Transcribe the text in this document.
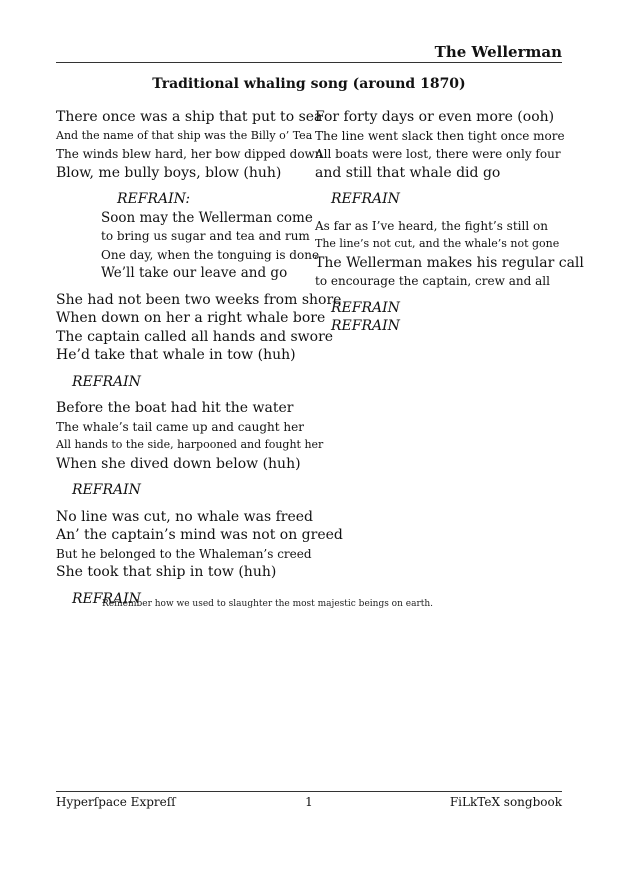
The Wellerman
Traditional whaling song (around 1870)
There once was a ship that put to sea
And the name of that ship was the Billy o’ Tea
The winds blew hard, her bow dipped down
Blow, me bully boys, blow (huh)
REFRAIN:
Soon may the Wellerman come
to bring us sugar and tea and rum
One day, when the tonguing is done
We’ll take our leave and go
She had not been two weeks from shore
When down on her a right whale bore
The captain called all hands and swore
He’d take that whale in tow (huh)
REFRAIN
Before the boat had hit the water
The whale’s tail came up and caught her
All hands to the side, harpooned and fought her
When she dived down below (huh)
REFRAIN
No line was cut, no whale was freed
An’ the captain’s mind was not on greed
But he belonged to the Whaleman’s creed
She took that ship in tow (huh)
REFRAIN
For forty days or even more (ooh)
The line went slack then tight once more
All boats were lost, there were only four
and still that whale did go
REFRAIN
As far as I’ve heard, the fight’s still on
The line’s not cut, and the whale’s not gone
The Wellerman makes his regular call
to encourage the captain, crew and all
REFRAIN
REFRAIN
Remember how we used to slaughter the most majestic beings on earth.
Hyperſpace Expreſſ	1	FiLkTeX songbook
